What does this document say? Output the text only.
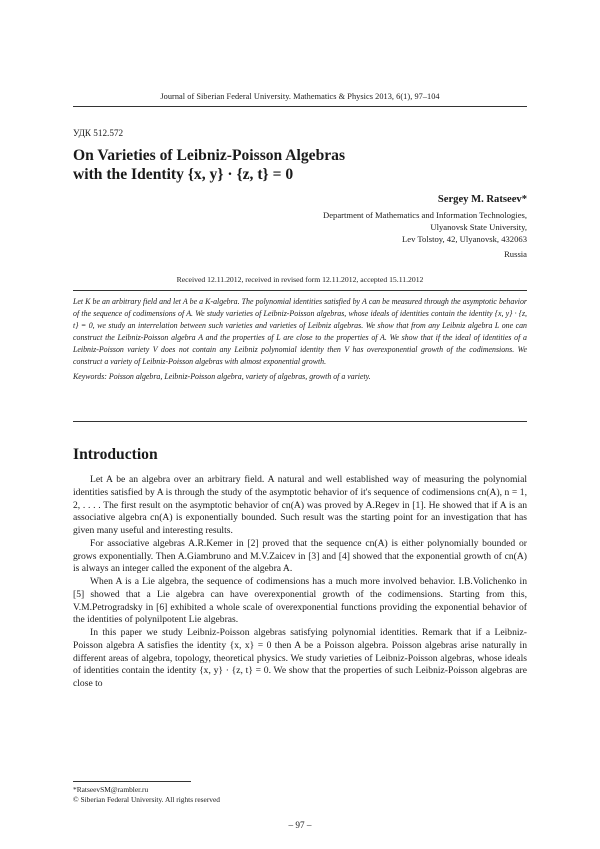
Journal of Siberian Federal University. Mathematics & Physics 2013, 6(1), 97–104
УДК 512.572
On Varieties of Leibniz-Poisson Algebras
with the Identity {x, y} · {z, t} = 0
Sergey M. Ratseev*
Department of Mathematics and Information Technologies,
Ulyanovsk State University,
Lev Tolstoy, 42, Ulyanovsk, 432063
Russia
Received 12.11.2012, received in revised form 12.11.2012, accepted 15.11.2012

Let K be an arbitrary field and let A be a K-algebra. The polynomial identities satisfied by A can be measured through the asymptotic behavior of the sequence of codimensions of A. We study varieties of Leibniz-Poisson algebras, whose ideals of identities contain the identity {x, y} · {z, t} = 0, we study an interrelation between such varieties and varieties of Leibniz algebras. We show that from any Leibniz algebra L one can construct the Leibniz-Poisson algebra A and the properties of L are close to the properties of A. We show that if the ideal of identities of a Leibniz-Poisson variety V does not contain any Leibniz polynomial identity then V has overexponential growth of the codimensions. We construct a variety of Leibniz-Poisson algebras with almost exponential growth.

Keywords: Poisson algebra, Leibniz-Poisson algebra, variety of algebras, growth of a variety.

Introduction

Let A be an algebra over an arbitrary field. A natural and well established way of measuring the polynomial identities satisfied by A is through the study of the asymptotic behavior of it's sequence of codimensions cn(A), n = 1, 2, . . . . The first result on the asymptotic behavior of cn(A) was proved by A.Regev in [1]. He showed that if A is an associative algebra cn(A) is exponentially bounded. Such result was the starting point for an investigation that has given many useful and interesting results.

For associative algebras A.R.Kemer in [2] proved that the sequence cn(A) is either polynomially bounded or grows exponentially. Then A.Giambruno and M.V.Zaicev in [3] and [4] showed that the exponential growth of cn(A) is always an integer called the exponent of the algebra A.

When A is a Lie algebra, the sequence of codimensions has a much more involved behavior. I.B.Volichenko in [5] showed that a Lie algebra can have overexponential growth of the codimensions. Starting from this, V.M.Petrogradsky in [6] exhibited a whole scale of overexponential functions providing the exponential behavior of the identities of polynilpotent Lie algebras.

In this paper we study Leibniz-Poisson algebras satisfying polynomial identities. Remark that if a Leibniz-Poisson algebra A satisfies the identity {x, x} = 0 then A be a Poisson algebra. Poisson algebras arise naturally in different areas of algebra, topology, theoretical physics. We study varieties of Leibniz-Poisson algebras, whose ideals of identities contain the identity {x, y} · {z, t} = 0. We show that the properties of such Leibniz-Poisson algebras are close to

*RatseevSM@rambler.ru
© Siberian Federal University. All rights reserved
– 97 –
